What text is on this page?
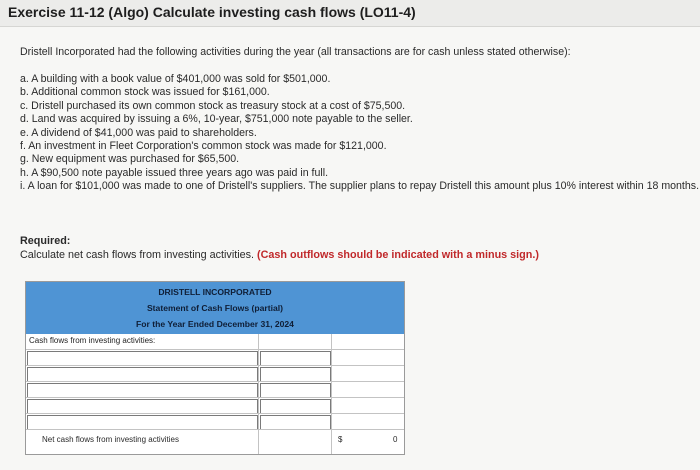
Exercise 11-12 (Algo) Calculate investing cash flows (LO11-4)
Dristell Incorporated had the following activities during the year (all transactions are for cash unless stated otherwise):
a. A building with a book value of $401,000 was sold for $501,000.
b. Additional common stock was issued for $161,000.
c. Dristell purchased its own common stock as treasury stock at a cost of $75,500.
d. Land was acquired by issuing a 6%, 10-year, $751,000 note payable to the seller.
e. A dividend of $41,000 was paid to shareholders.
f. An investment in Fleet Corporation's common stock was made for $121,000.
g. New equipment was purchased for $65,500.
h. A $90,500 note payable issued three years ago was paid in full.
i. A loan for $101,000 was made to one of Dristell's suppliers. The supplier plans to repay Dristell this amount plus 10% interest within 18 months.
Required:
Calculate net cash flows from investing activities. (Cash outflows should be indicated with a minus sign.)
DRISTELL INCORPORATED
Statement of Cash Flows (partial)
For the Year Ended December 31, 2024
Cash flows from investing activities:
Net cash flows from investing activities	$	0
